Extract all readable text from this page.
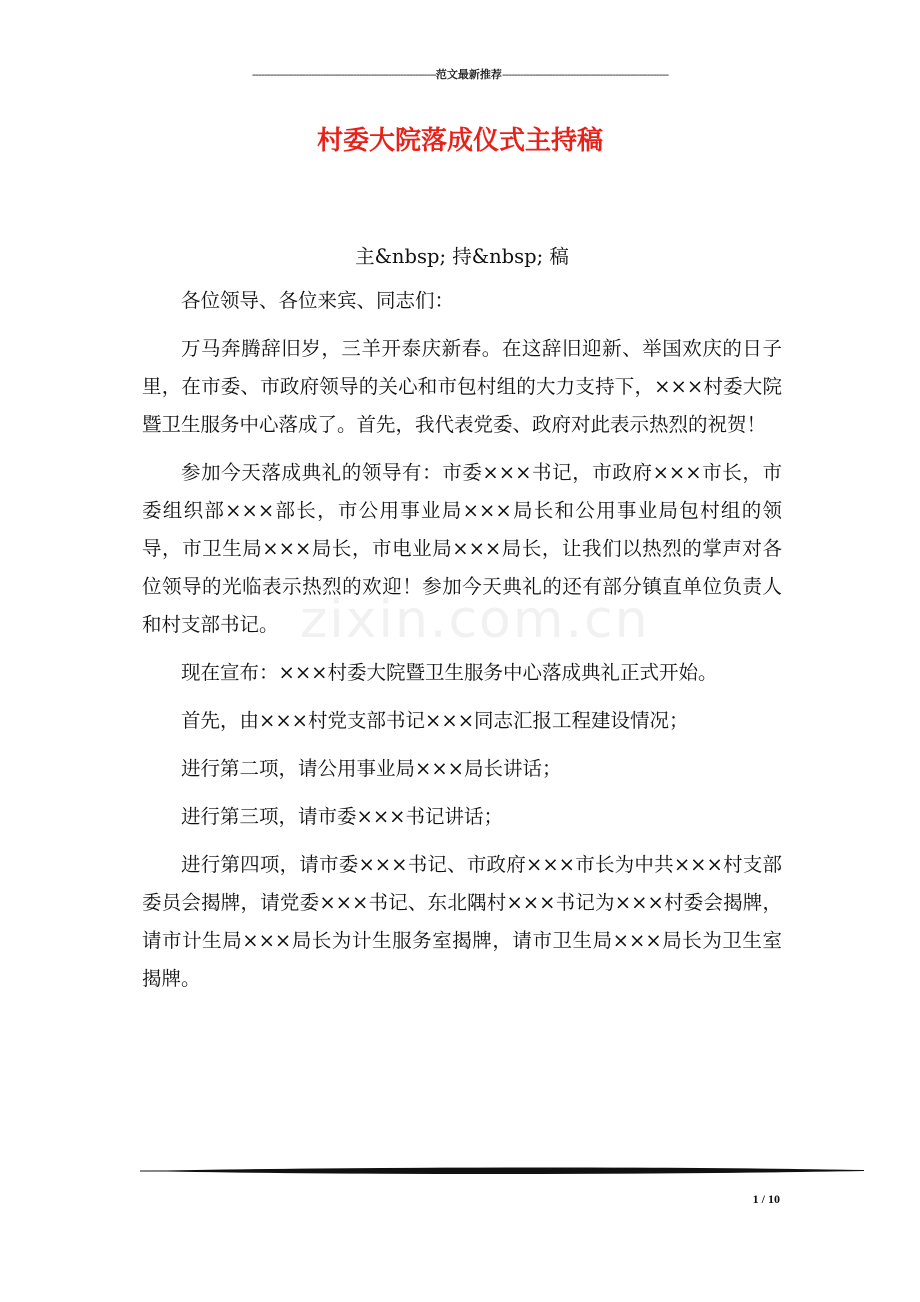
--------------------------------------------------------------范文最新推荐--------------------------------------------------------
村委大院落成仪式主持稿
zixin.com.cn

主&nbsp; 持&nbsp; 稿

各位领导、各位来宾、同志们：

万马奔腾辞旧岁，三羊开泰庆新春。在这辞旧迎新、举国欢庆的日子里，在市委、市政府领导的关心和市包村组的大力支持下，×××村委大院暨卫生服务中心落成了。首先，我代表党委、政府对此表示热烈的祝贺！

参加今天落成典礼的领导有：市委×××书记，市政府×××市长，市委组织部×××部长，市公用事业局×××局长和公用事业局包村组的领导，市卫生局×××局长，市电业局×××局长，让我们以热烈的掌声对各位领导的光临表示热烈的欢迎！参加今天典礼的还有部分镇直单位负责人和村支部书记。

现在宣布：×××村委大院暨卫生服务中心落成典礼正式开始。

首先，由×××村党支部书记×××同志汇报工程建设情况；

进行第二项，请公用事业局×××局长讲话；

进行第三项，请市委×××书记讲话；

进行第四项，请市委×××书记、市政府×××市长为中共×××村支部委员会揭牌，请党委×××书记、东北隅村×××书记为×××村委会揭牌，请市计生局×××局长为计生服务室揭牌，请市卫生局×××局长为卫生室揭牌。

1 / 10
